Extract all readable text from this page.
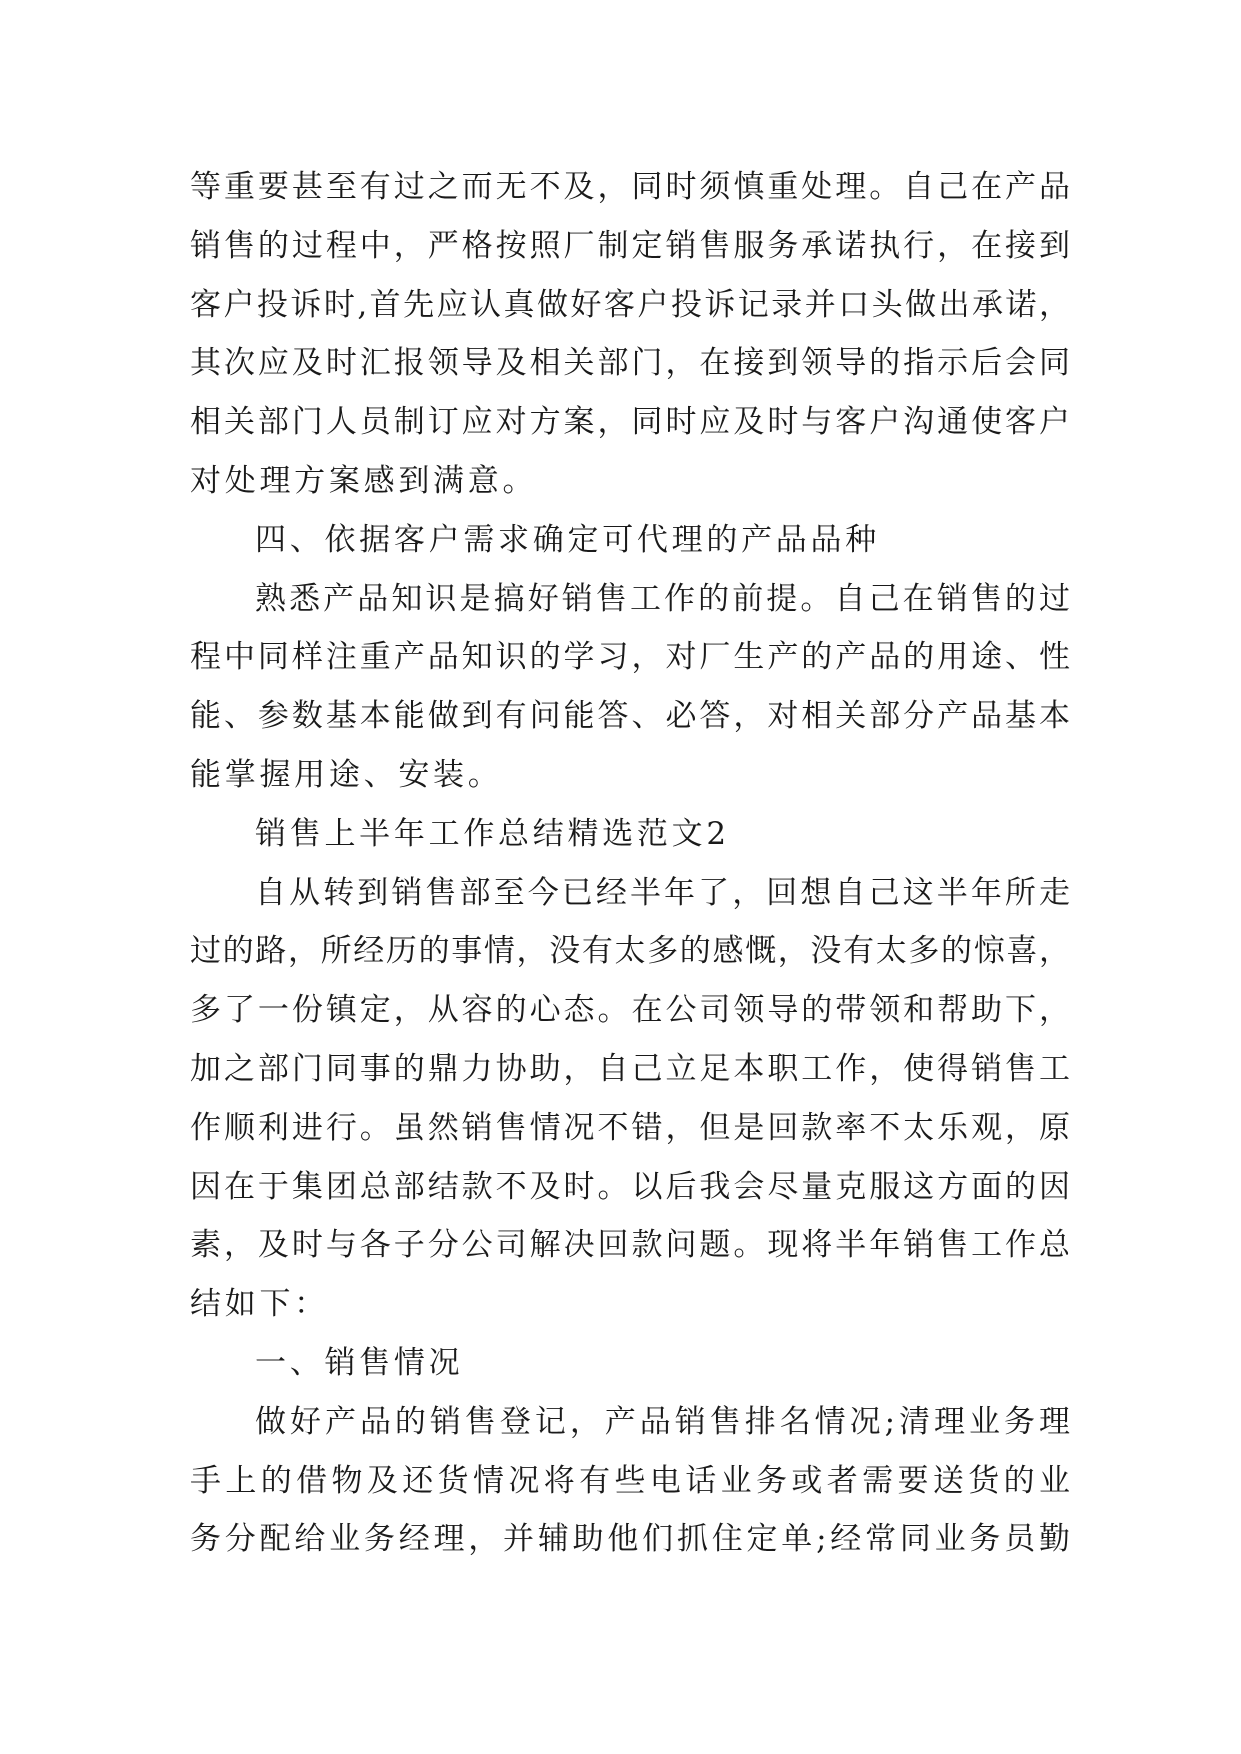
等重要甚至有过之而无不及，同时须慎重处理。自己在产品
销售的过程中，严格按照厂制定销售服务承诺执行，在接到
客户投诉时,首先应认真做好客户投诉记录并口头做出承诺，
其次应及时汇报领导及相关部门，在接到领导的指示后会同
相关部门人员制订应对方案，同时应及时与客户沟通使客户
对处理方案感到满意。
四、依据客户需求确定可代理的产品品种
熟悉产品知识是搞好销售工作的前提。自己在销售的过
程中同样注重产品知识的学习，对厂生产的产品的用途、性
能、参数基本能做到有问能答、必答，对相关部分产品基本
能掌握用途、安装。
销售上半年工作总结精选范文2
自从转到销售部至今已经半年了，回想自己这半年所走
过的路，所经历的事情，没有太多的感慨，没有太多的惊喜，
多了一份镇定，从容的心态。在公司领导的带领和帮助下，
加之部门同事的鼎力协助，自己立足本职工作，使得销售工
作顺利进行。虽然销售情况不错，但是回款率不太乐观，原
因在于集团总部结款不及时。以后我会尽量克服这方面的因
素，及时与各子分公司解决回款问题。现将半年销售工作总
结如下：
一、销售情况
做好产品的销售登记，产品销售排名情况;清理业务理
手上的借物及还货情况将有些电话业务或者需要送货的业
务分配给业务经理，并辅助他们抓住定单;经常同业务员勤
